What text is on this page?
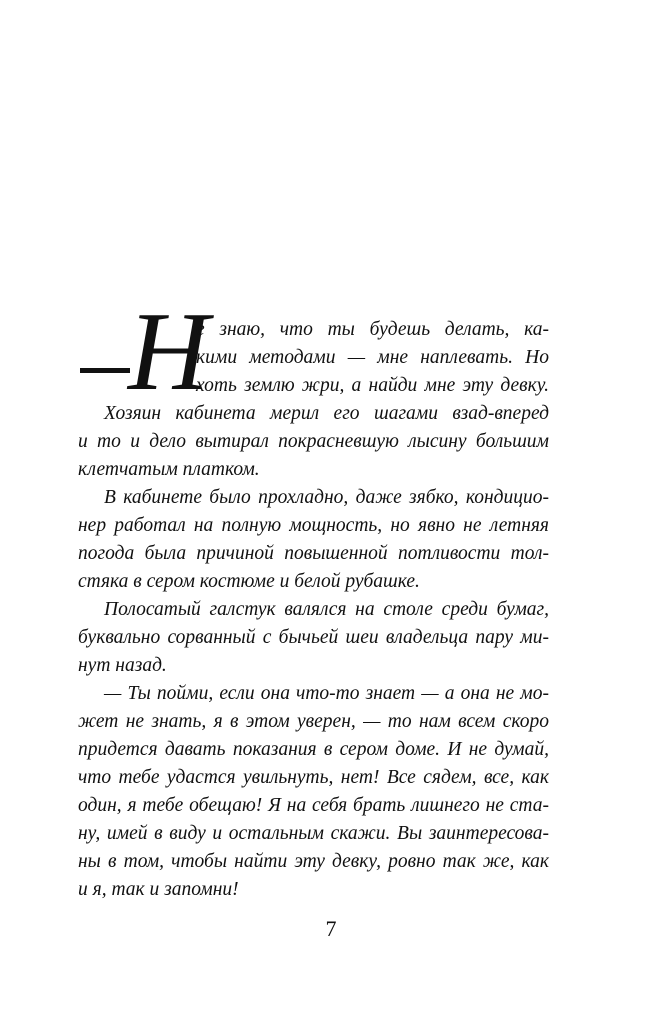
Н
е знаю, что ты будешь делать, ка-
кими методами — мне наплевать. Но
хоть землю жри, а найди мне эту девку.
Хозяин кабинета мерил его шагами взад-вперед
и то и дело вытирал покрасневшую лысину большим
клетчатым платком.
В кабинете было прохладно, даже зябко, кондицио-
нер работал на полную мощность, но явно не летняя
погода была причиной повышенной потливости тол-
стяка в сером костюме и белой рубашке.
Полосатый галстук валялся на столе среди бумаг,
буквально сорванный с бычьей шеи владельца пару ми-
нут назад.
— Ты пойми, если она что-то знает — а она не мо-
жет не знать, я в этом уверен, — то нам всем скоро
придется давать показания в сером доме. И не думай,
что тебе удастся увильнуть, нет! Все сядем, все, как
один, я тебе обещаю! Я на себя брать лишнего не ста-
ну, имей в виду и остальным скажи. Вы заинтересова-
ны в том, чтобы найти эту девку, ровно так же, как
и я, так и запомни!
7
